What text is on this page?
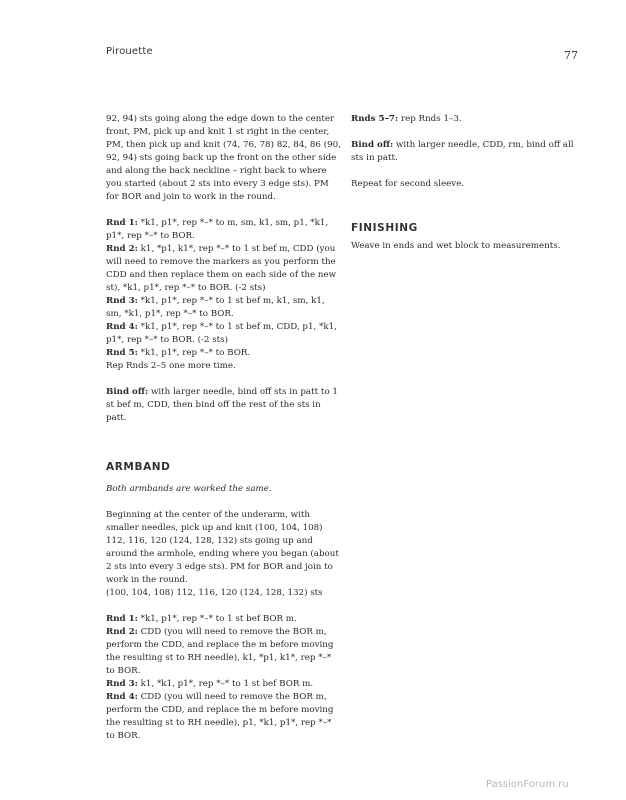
Pirouette	77

92, 94) sts going along the edge down to the center front, PM, pick up and knit 1 st right in the center, PM, then pick up and knit (74, 76, 78) 82, 84, 86 (90, 92, 94) sts going back up the front on the other side and along the back neckline – right back to where you started (about 2 sts into every 3 edge sts). PM for BOR and join to work in the round.

Rnd 1: *k1, p1*, rep *–* to m, sm, k1, sm, p1, *k1, p1*, rep *–* to BOR.

Rnd 2: k1, *p1, k1*, rep *–* to 1 st bef m, CDD (you will need to remove the markers as you perform the CDD and then replace them on each side of the new st), *k1, p1*, rep *–* to BOR. (-2 sts)

Rnd 3: *k1, p1*, rep *–* to 1 st bef m, k1, sm, k1, sm, *k1, p1*, rep *–* to BOR.

Rnd 4: *k1, p1*, rep *–* to 1 st bef m, CDD, p1, *k1, p1*, rep *–* to BOR. (-2 sts)

Rnd 5: *k1, p1*, rep *–* to BOR.

Rep Rnds 2–5 one more time.

Bind off: with larger needle, bind off sts in patt to 1 st bef m, CDD, then bind off the rest of the sts in patt.

ARMBAND

Both armbands are worked the same.

Beginning at the center of the underarm, with smaller needles, pick up and knit (100, 104, 108) 112, 116, 120 (124, 128, 132) sts going up and around the armhole, ending where you began (about 2 sts into every 3 edge sts). PM for BOR and join to work in the round.

(100, 104, 108) 112, 116, 120 (124, 128, 132) sts

Rnd 1: *k1, p1*, rep *–* to 1 st bef BOR m.

Rnd 2: CDD (you will need to remove the BOR m, perform the CDD, and replace the m before moving the resulting st to RH needle), k1, *p1, k1*, rep *–* to BOR.

Rnd 3: k1, *k1, p1*, rep *–* to 1 st bef BOR m.

Rnd 4: CDD (you will need to remove the BOR m, perform the CDD, and replace the m before moving the resulting st to RH needle), p1, *k1, p1*, rep *–* to BOR.

Rnds 5–7: rep Rnds 1–3.

Bind off: with larger needle, CDD, rm, bind off all sts in patt.

Repeat for second sleeve.

FINISHING

Weave in ends and wet block to measurements.

PassionForum.ru
